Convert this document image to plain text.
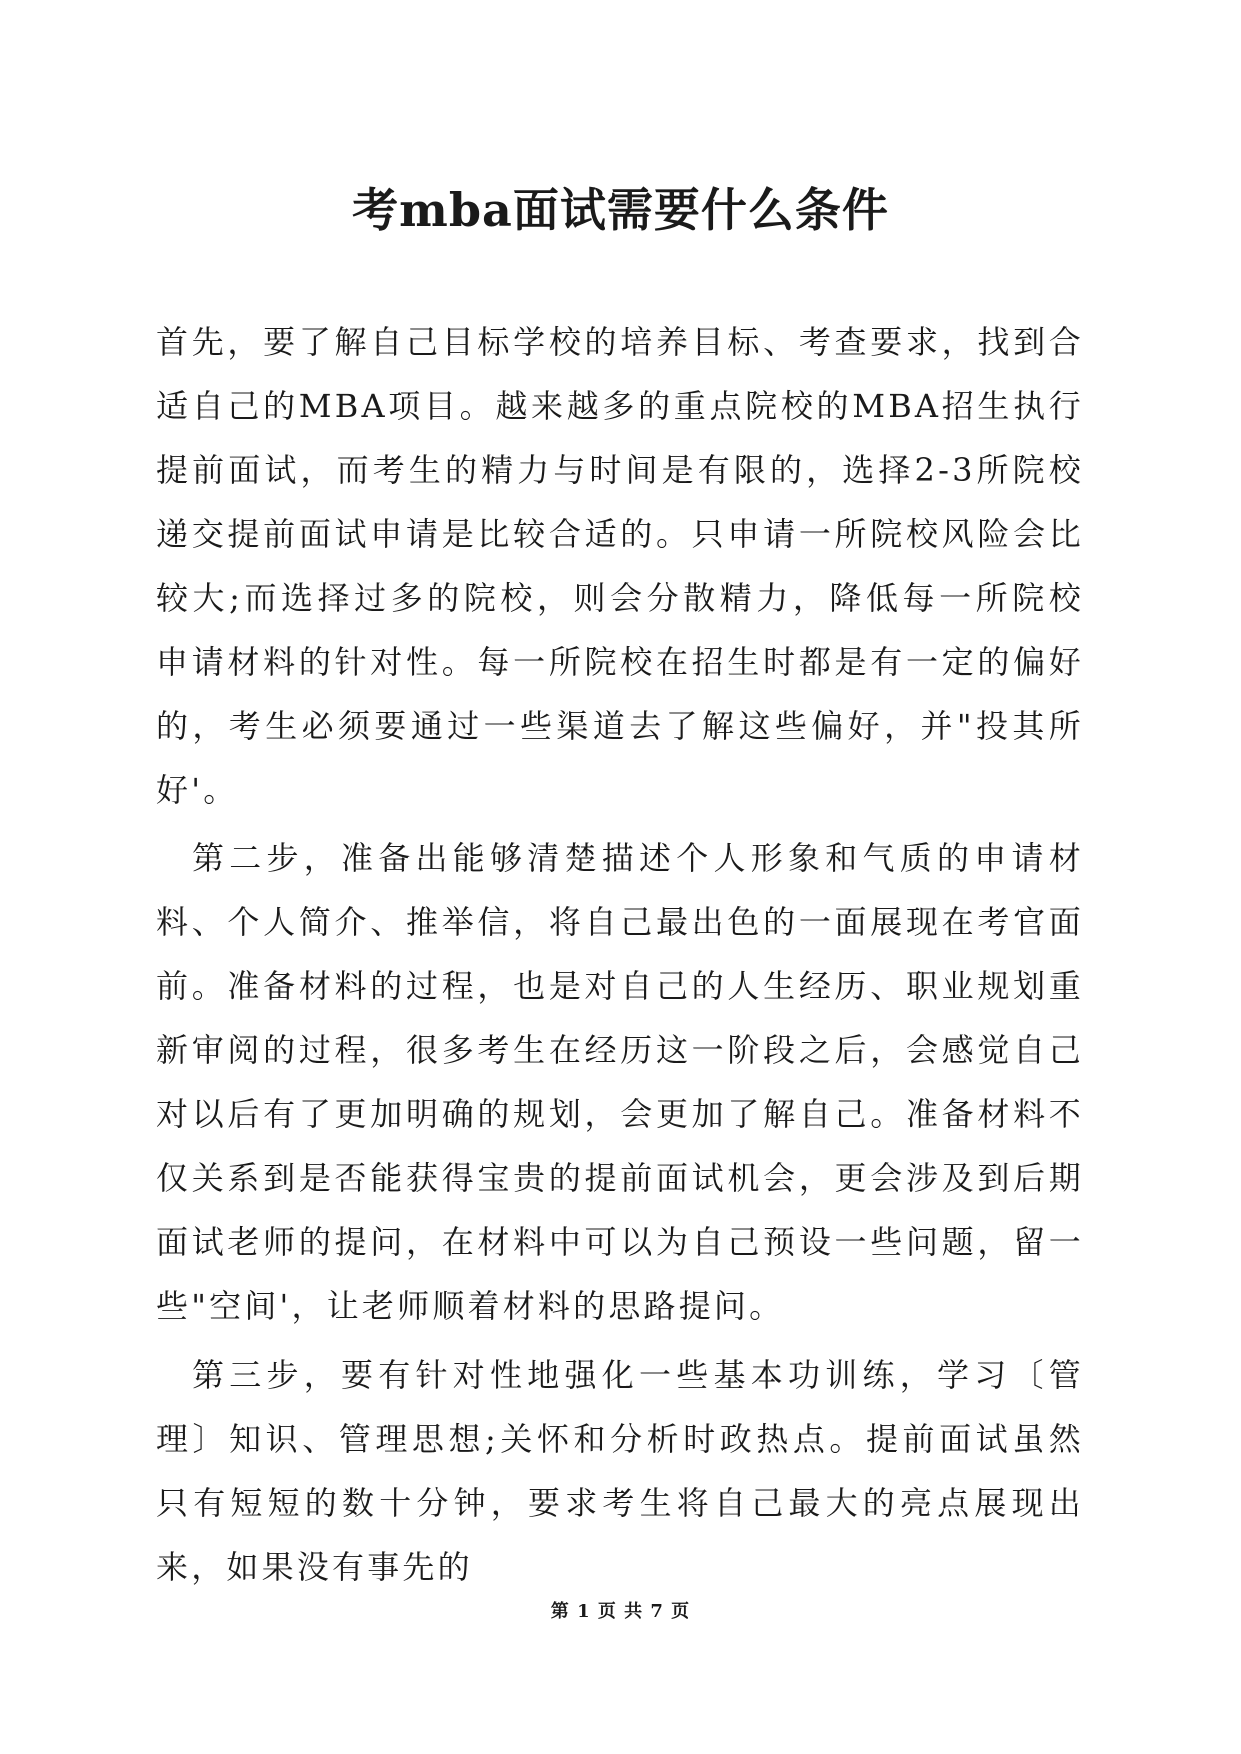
考mba面试需要什么条件

首先，要了解自己目标学校的培养目标、考查要求，找到合适自己的MBA项目。越来越多的重点院校的MBA招生执行提前面试，而考生的精力与时间是有限的，选择2-3所院校递交提前面试申请是比较合适的。只申请一所院校风险会比较大;而选择过多的院校，则会分散精力，降低每一所院校申请材料的针对性。每一所院校在招生时都是有一定的偏好的，考生必须要通过一些渠道去了解这些偏好，并"投其所好'。

第二步，准备出能够清楚描述个人形象和气质的申请材料、个人简介、推举信，将自己最出色的一面展现在考官面前。准备材料的过程，也是对自己的人生经历、职业规划重新审阅的过程，很多考生在经历这一阶段之后，会感觉自己对以后有了更加明确的规划，会更加了解自己。准备材料不仅关系到是否能获得宝贵的提前面试机会，更会涉及到后期面试老师的提问，在材料中可以为自己预设一些问题，留一些"空间'，让老师顺着材料的思路提问。

第三步，要有针对性地强化一些基本功训练，学习〔管理〕知识、管理思想;关怀和分析时政热点。提前面试虽然只有短短的数十分钟，要求考生将自己最大的亮点展现出来，如果没有事先的

第 1 页 共 7 页
